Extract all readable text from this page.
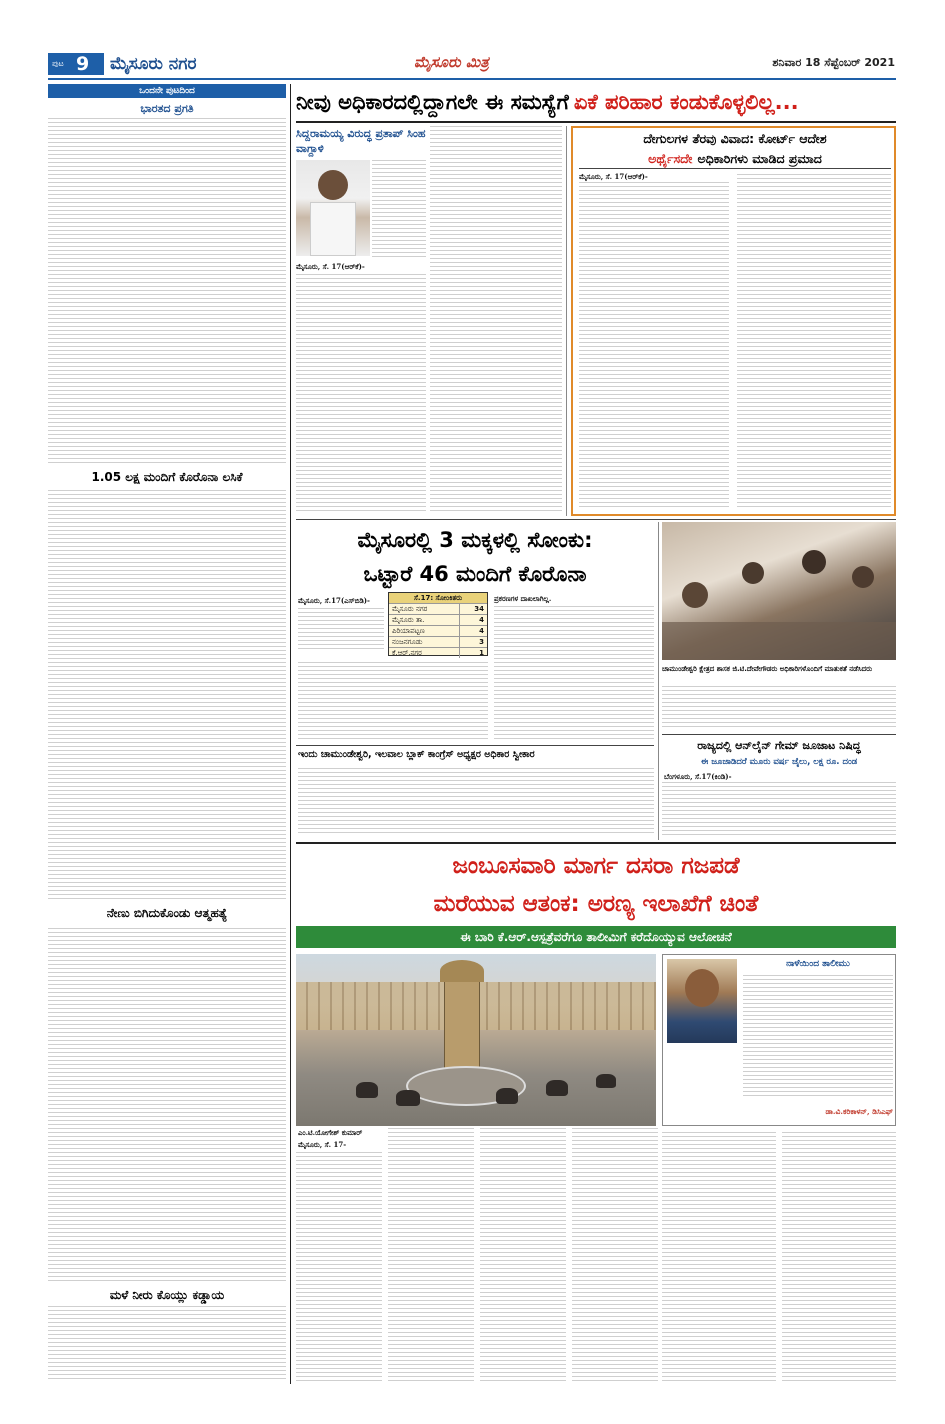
ಪುಟ 9 ಮೈಸೂರು ನಗರ	ಮೈಸೂರು ಮಿತ್ರ	ಶನಿವಾರ 18 ಸೆಪ್ಟೆಂಬರ್ 2021
ಒಂದನೇ ಪುಟದಿಂದ
ಭಾರತದ ಪ್ರಗತಿ
1.05 ಲಕ್ಷ ಮಂದಿಗೆ ಕೊರೊನಾ ಲಸಿಕೆ
ನೇಣು ಬಿಗಿದುಕೊಂಡು ಆತ್ಮಹತ್ಯೆ
ಮಳೆ ನೀರು ಕೊಯ್ಲು ಕಡ್ಡಾಯ
ನೀವು ಅಧಿಕಾರದಲ್ಲಿದ್ದಾಗಲೇ ಈ ಸಮಸ್ಯೆಗೆ ಏಕೆ ಪರಿಹಾರ ಕಂಡುಕೊಳ್ಳಲಿಲ್ಲ...
ಸಿದ್ದರಾಮಯ್ಯ ವಿರುದ್ಧ ಪ್ರತಾಪ್ ಸಿಂಹ ವಾಗ್ದಾಳಿ
ಮೈಸೂರು, ಸೆ. 17(ಆರ್‌ಕೆ)-
ದೇಗುಲಗಳ ತೆರವು ವಿವಾದ: ಕೋರ್ಟ್ ಆದೇಶ
ಅರ್ಥೈಸದೇ ಅಧಿಕಾರಿಗಳು ಮಾಡಿದ ಪ್ರಮಾದ
ಮೈಸೂರು, ಸೆ. 17(ಆರ್‌ಕೆ)-
ಮೈಸೂರಲ್ಲಿ 3 ಮಕ್ಕಳಲ್ಲಿ ಸೋಂಕು:
ಒಟ್ಟಾರೆ 46 ಮಂದಿಗೆ ಕೊರೊನಾ
ಮೈಸೂರು, ಸೆ.17(ಎಸ್‌ಬಿಡಿ)-	ಸೆ.17: ಸೋಂಕಿತರು
ಮೈಸೂರು ನಗರ	34
ಮೈಸೂರು ತಾ.	4
ಪಿರಿಯಾಪಟ್ಟಣ	4
ನಂಜನಗೂಡು	3
ಕೆ.ಆರ್.ನಗರ	1
ಪ್ರಕರಣಗಳ ದಾಖಲಾಗಿಲ್ಲ.
ಇಂದು ಚಾಮುಂಡೇಶ್ವರಿ, ಇಲವಾಲ ಬ್ಲಾಕ್ ಕಾಂಗ್ರೆಸ್ ಅಧ್ಯಕ್ಷರ ಅಧಿಕಾರ ಸ್ವೀಕಾರ
ಚಾಮುಂಡೇಶ್ವರಿ ಕ್ಷೇತ್ರದ ಶಾಸಕ ಜಿ.ಟಿ.ದೇವೇಗೌಡರು ಅಧಿಕಾರಿಗಳೊಂದಿಗೆ ಮಾತುಕತೆ ನಡೆಸಿದರು
ರಾಜ್ಯದಲ್ಲಿ ಆನ್‌ಲೈನ್ ಗೇಮ್ ಜೂಜಾಟ ನಿಷಿದ್ಧ
ಈ ಜೂಜಾಡಿದರೆ ಮೂರು ವರ್ಷ ಜೈಲು, ಲಕ್ಷ ರೂ. ದಂಡ
ಬೆಂಗಳೂರು, ಸೆ.17(ಕಿಂಡಿ)-
ಜಂಬೂಸವಾರಿ ಮಾರ್ಗ ದಸರಾ ಗಜಪಡೆ
ಮರೆಯುವ ಆತಂಕ: ಅರಣ್ಯ ಇಲಾಖೆಗೆ ಚಿಂತೆ
ಈ ಬಾರಿ ಕೆ.ಆರ್.ಆಸ್ಪತ್ರೆವರೆಗೂ ತಾಲೀಮಿಗೆ ಕರೆದೊಯ್ಯುವ ಆಲೋಚನೆ
ಎಂ.ಟಿ.ಯೋಗೇಶ್ ಕುಮಾರ್
ಮೈಸೂರು, ಸೆ. 17-
ನಾಳೆಯಿಂದ ತಾಲೀಮು
ಡಾ.ವಿ.ಕರಿಕಾಳನ್, ಡಿಸಿಎಫ್
